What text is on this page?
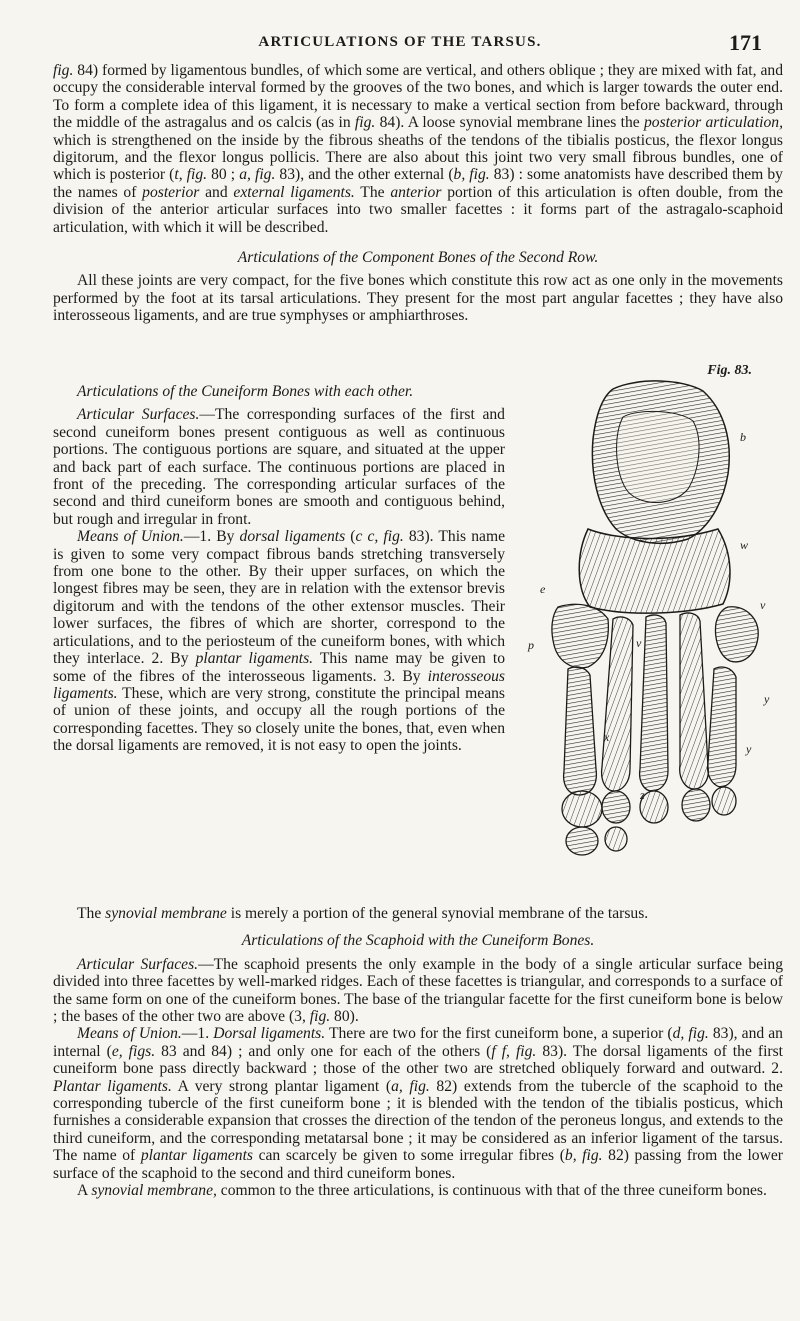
ARTICULATIONS OF THE TARSUS.	171

fig. 84) formed by ligamentous bundles, of which some are vertical, and others oblique ; they are mixed with fat, and occupy the considerable interval formed by the grooves of the two bones, and which is larger towards the outer end. To form a complete idea of this ligament, it is necessary to make a vertical section from before backward, through the middle of the astragalus and os calcis (as in fig. 84). A loose synovial membrane lines the posterior articulation, which is strengthened on the inside by the fibrous sheaths of the tendons of the tibialis posticus, the flexor longus digitorum, and the flexor longus pollicis. There are also about this joint two very small fibrous bundles, one of which is posterior (t, fig. 80 ; a, fig. 83), and the other external (b, fig. 83) : some anatomists have described them by the names of posterior and external ligaments. The anterior portion of this articulation is often double, from the division of the anterior articular surfaces into two smaller facettes : it forms part of the astragalo-scaphoid articulation, with which it will be described.

Articulations of the Component Bones of the Second Row.

All these joints are very compact, for the five bones which constitute this row act as one only in the movements performed by the foot at its tarsal articulations. They present for the most part angular facettes ; they have also interosseous ligaments, and are true symphyses or amphiarthroses.

Articulations of the Cuneiform Bones with each other.

Articular Surfaces.—The corresponding surfaces of the first and second cuneiform bones present contiguous as well as continuous portions. The contiguous portions are square, and situated at the upper and back part of each surface. The continuous portions are placed in front of the preceding. The corresponding articular surfaces of the second and third cuneiform bones are smooth and contiguous behind, but rough and irregular in front.

Means of Union.—1. By dorsal ligaments (c c, fig. 83). This name is given to some very compact fibrous bands stretching transversely from one bone to the other. By their upper surfaces, on which the longest fibres may be seen, they are in relation with the extensor brevis digitorum and with the tendons of the other extensor muscles. Their lower surfaces, the fibres of which are shorter, correspond to the articulations, and to the periosteum of the cuneiform bones, with which they interlace. 2. By plantar ligaments. This name may be given to some of the fibres of the interosseous ligaments. 3. By interosseous ligaments. These, which are very strong, constitute the principal means of union of these joints, and occupy all the rough portions of the corresponding facettes. They so closely unite the bones, that, even when the dorsal ligaments are removed, it is not easy to open the joints.

The synovial membrane is merely a portion of the general synovial membrane of the tarsus.

Articulations of the Scaphoid with the Cuneiform Bones.

Articular Surfaces.—The scaphoid presents the only example in the body of a single articular surface being divided into three facettes by well-marked ridges. Each of these facettes is triangular, and corresponds to a surface of the same form on one of the cuneiform bones. The base of the triangular facette for the first cuneiform bone is below ; the bases of the other two are above (3, fig. 80).

Means of Union.—1. Dorsal ligaments. There are two for the first cuneiform bone, a superior (d, fig. 83), and an internal (e, figs. 83 and 84) ; and only one for each of the others (f f, fig. 83). The dorsal ligaments of the first cuneiform bone pass directly backward ; those of the other two are stretched obliquely forward and outward. 2. Plantar ligaments. A very strong plantar ligament (a, fig. 82) extends from the tubercle of the scaphoid to the corresponding tubercle of the first cuneiform bone ; it is blended with the tendon of the tibialis posticus, which furnishes a considerable expansion that crosses the direction of the tendon of the peroneus longus, and extends to the third cuneiform, and the corresponding metatarsal bone ; it may be considered as an inferior ligament of the tarsus. The name of plantar ligaments can scarcely be given to some irregular fibres (b, fig. 82) passing from the lower surface of the scaphoid to the second and third cuneiform bones.

A synovial membrane, common to the three articulations, is continuous with that of the three cuneiform bones.

Fig. 83.
b
w
e
v
p	v
y
x
y
z
